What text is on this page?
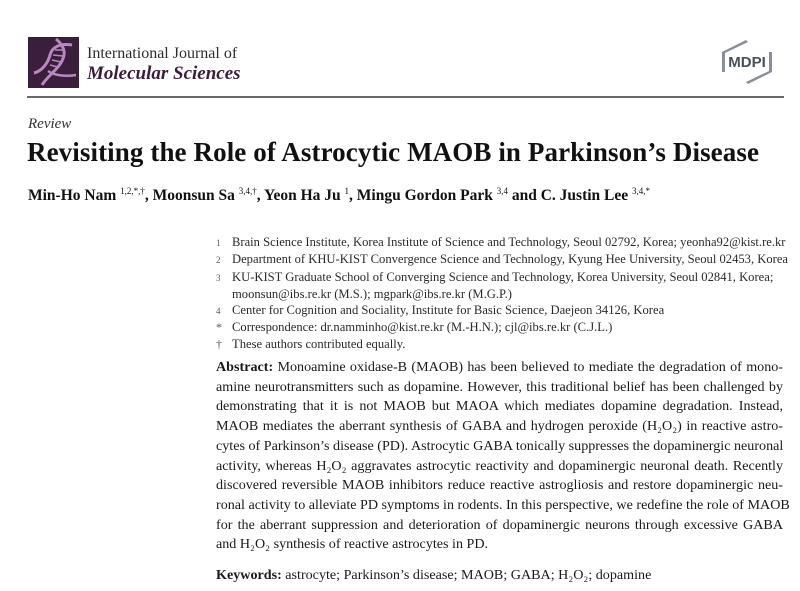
International Journal of
Molecular Sciences
MDPI
Review
Revisiting the Role of Astrocytic MAOB in Parkinson’s Disease
Min-Ho Nam $^{1,2,*,\dagger}$, Moonsun Sa $^{3,4,\dagger}$, Yeon Ha Ju $^1$, Mingu Gordon Park $^{3,4}$ and C. Justin Lee $^{3,4,*}$
1 Brain Science Institute, Korea Institute of Science and Technology, Seoul 02792, Korea; yeonha92@kist.re.kr
2 Department of KHU-KIST Convergence Science and Technology, Kyung Hee University, Seoul 02453, Korea
3 KU-KIST Graduate School of Converging Science and Technology, Korea University, Seoul 02841, Korea;
moonsun@ibs.re.kr (M.S.); mgpark@ibs.re.kr (M.G.P.)
4 Center for Cognition and Sociality, Institute for Basic Science, Daejeon 34126, Korea
* Correspondence: dr.namminho@kist.re.kr (M.-H.N.); cjl@ibs.re.kr (C.J.L.)
† These authors contributed equally.
Abstract: Monoamine oxidase-B (MAOB) has been believed to mediate the degradation of mono-
amine neurotransmitters such as dopamine. However, this traditional belief has been challenged by
demonstrating that it is not MAOB but MAOA which mediates dopamine degradation. Instead,
MAOB mediates the aberrant synthesis of GABA and hydrogen peroxide (H₂O₂) in reactive astro-
cytes of Parkinson’s disease (PD). Astrocytic GABA tonically suppresses the dopaminergic neuronal
activity, whereas H₂O₂ aggravates astrocytic reactivity and dopaminergic neuronal death. Recently
discovered reversible MAOB inhibitors reduce reactive astrogliosis and restore dopaminergic neu-
ronal activity to alleviate PD symptoms in rodents. In this perspective, we redefine the role of MAOB
for the aberrant suppression and deterioration of dopaminergic neurons through excessive GABA
and H₂O₂ synthesis of reactive astrocytes in PD.
Keywords: astrocyte; Parkinson’s disease; MAOB; GABA; H₂O₂; dopamine
